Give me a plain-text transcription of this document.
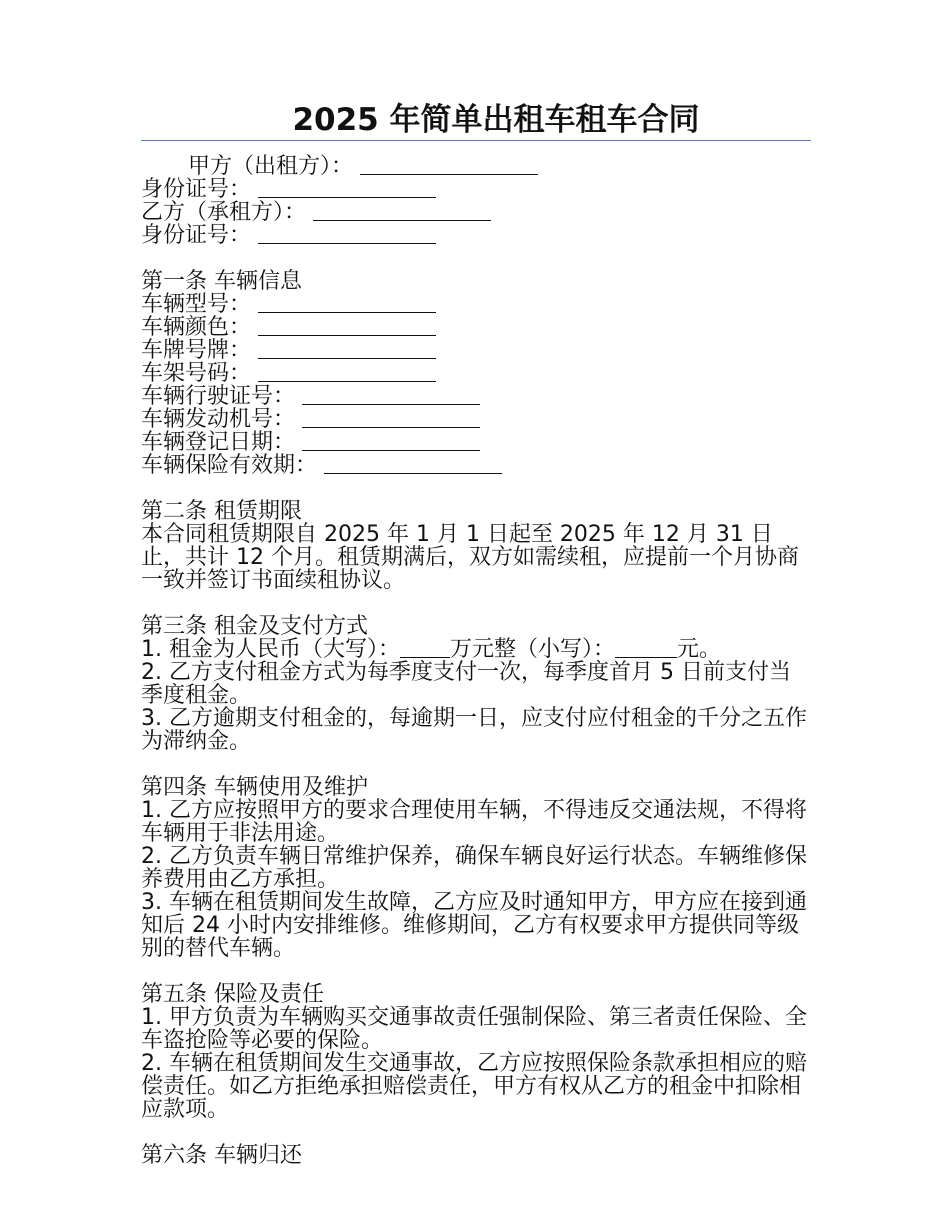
2025 年简单出租车租车合同
甲方（出租方）：
身份证号：
乙方（承租方）：
身份证号：

第一条 车辆信息

车辆型号：
车辆颜色：
车牌号牌：
车架号码：
车辆行驶证号：
车辆发动机号：
车辆登记日期：
车辆保险有效期：

第二条 租赁期限

本合同租赁期限自 2025 年 1 月 1 日起至 2025 年 12 月 31 日止，共计 12 个月。租赁期满后，双方如需续租，应提前一个月协商一致并签订书面续租协议。

第三条 租金及支付方式

1. 租金为人民币（大写）： 万元整（小写）：	元。

2. 乙方支付租金方式为每季度支付一次，每季度首月 5 日前支付当季度租金。

3. 乙方逾期支付租金的，每逾期一日，应支付应付租金的千分之五作为滞纳金。

第四条 车辆使用及维护

1. 乙方应按照甲方的要求合理使用车辆，不得违反交通法规，不得将车辆用于非法用途。

2. 乙方负责车辆日常维护保养，确保车辆良好运行状态。车辆维修保养费用由乙方承担。

3. 车辆在租赁期间发生故障，乙方应及时通知甲方，甲方应在接到通知后 24 小时内安排维修。维修期间，乙方有权要求甲方提供同等级别的替代车辆。

第五条 保险及责任

1. 甲方负责为车辆购买交通事故责任强制保险、第三者责任保险、全车盗抢险等必要的保险。

2. 车辆在租赁期间发生交通事故，乙方应按照保险条款承担相应的赔偿责任。如乙方拒绝承担赔偿责任，甲方有权从乙方的租金中扣除相应款项。

第六条 车辆归还
